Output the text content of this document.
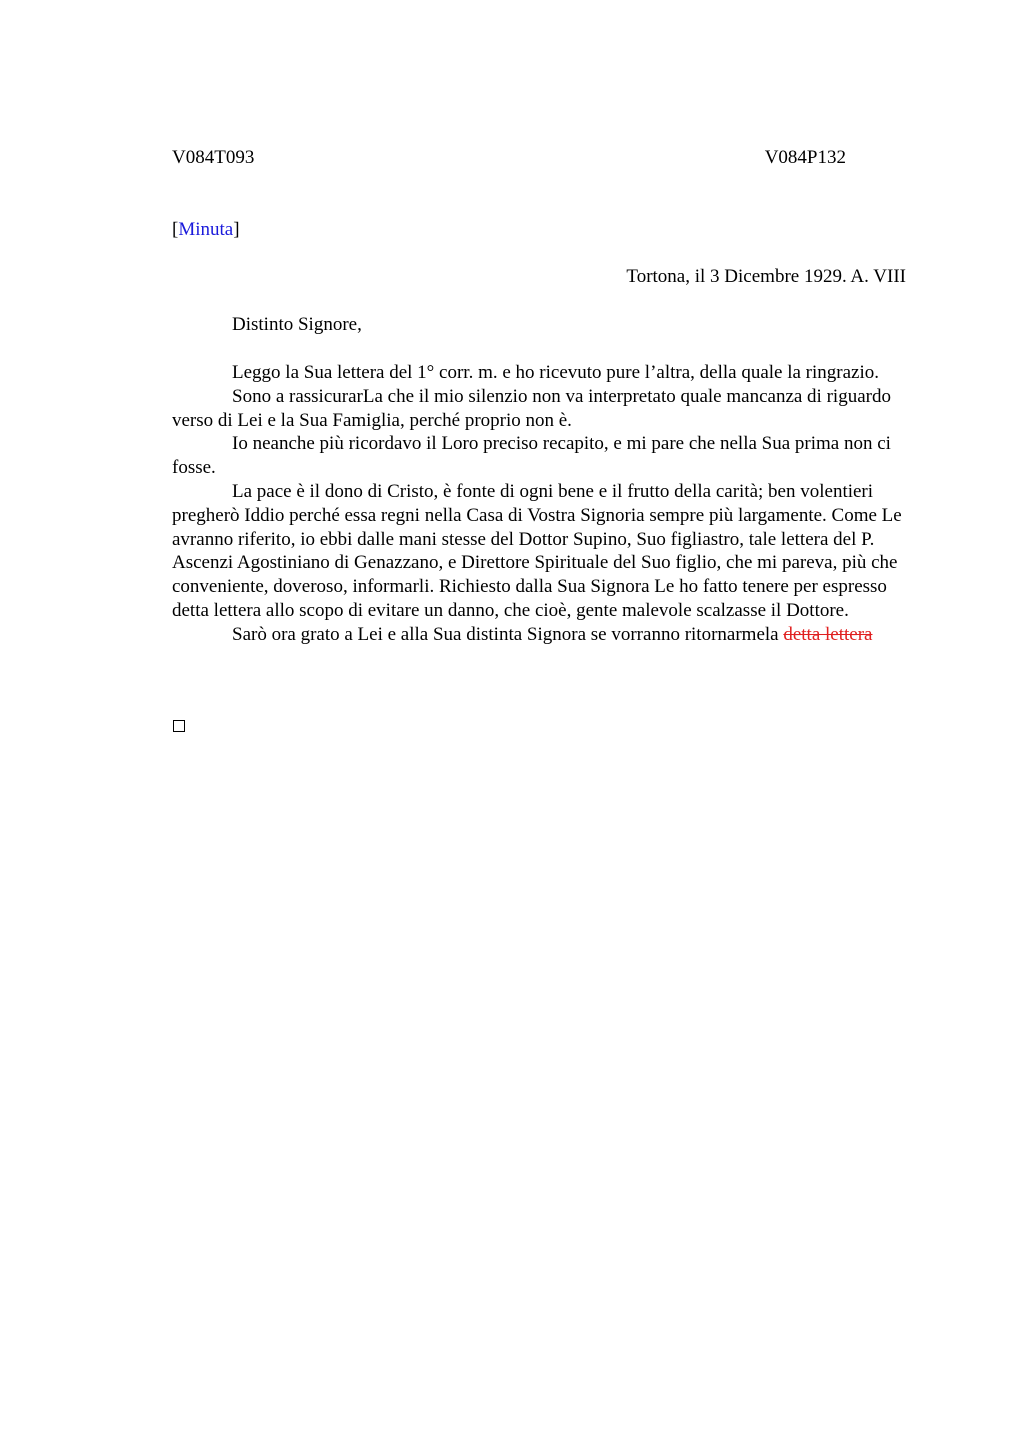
V084T093	V084P132
[Minuta]
Tortona, il 3 Dicembre 1929. A. VIII
Distinto Signore,

Leggo la Sua lettera del 1° corr. m. e ho ricevuto pure l’altra, della quale la ringrazio.

Sono a rassicurarLa che il mio silenzio non va interpretato quale mancanza di riguardo verso di Lei e la Sua Famiglia, perché proprio non è.

Io neanche più ricordavo il Loro preciso recapito, e mi pare che nella Sua prima non ci fosse.

La pace è il dono di Cristo, è fonte di ogni bene e il frutto della carità; ben volentieri pregherò Iddio perché essa regni nella Casa di Vostra Signoria sempre più largamente. Come Le avranno riferito, io ebbi dalle mani stesse del Dottor Supino, Suo figliastro, tale lettera del P. Ascenzi Agostiniano di Genazzano, e Direttore Spirituale del Suo figlio, che mi pareva, più che conveniente, doveroso, informarli. Richiesto dalla Sua Signora Le ho fatto tenere per espresso detta lettera allo scopo di evitare un danno, che cioè, gente malevole scalzasse il Dottore.

Sarò ora grato a Lei e alla Sua distinta Signora se vorranno ritornarmela detta lettera
